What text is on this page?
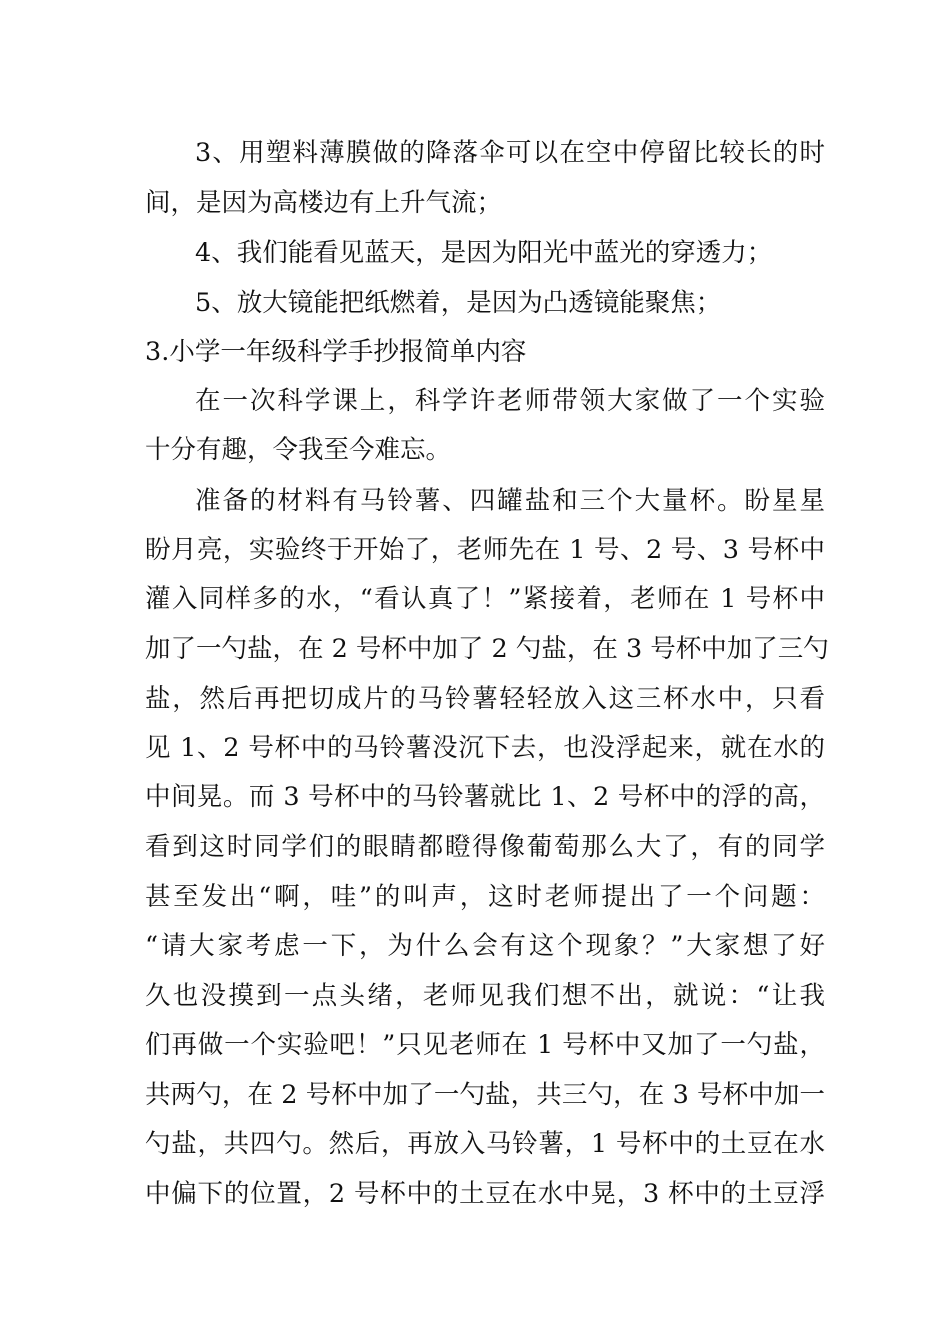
3、用塑料薄膜做的降落伞可以在空中停留比较长的时
间，是因为高楼边有上升气流；
4、我们能看见蓝天，是因为阳光中蓝光的穿透力；
5、放大镜能把纸燃着，是因为凸透镜能聚焦；
3.小学一年级科学手抄报简单内容
在一次科学课上，科学许老师带领大家做了一个实验
十分有趣，令我至今难忘。
准备的材料有马铃薯、四罐盐和三个大量杯。盼星星
盼月亮，实验终于开始了，老师先在 1 号、2 号、3 号杯中
灌入同样多的水，“看认真了！”紧接着，老师在 1 号杯中
加了一勺盐，在 2 号杯中加了 2 勺盐，在 3 号杯中加了三勺
盐，然后再把切成片的马铃薯轻轻放入这三杯水中，只看
见 1、2 号杯中的马铃薯没沉下去，也没浮起来，就在水的
中间晃。而 3 号杯中的马铃薯就比 1、2 号杯中的浮的高，
看到这时同学们的眼睛都瞪得像葡萄那么大了，有的同学
甚至发出“啊，哇”的叫声，这时老师提出了一个问题：
“请大家考虑一下，为什么会有这个现象？”大家想了好
久也没摸到一点头绪，老师见我们想不出，就说：“让我
们再做一个实验吧！”只见老师在 1 号杯中又加了一勺盐，
共两勺，在 2 号杯中加了一勺盐，共三勺，在 3 号杯中加一
勺盐，共四勺。然后，再放入马铃薯，1 号杯中的土豆在水
中偏下的位置，2 号杯中的土豆在水中晃，3 杯中的土豆浮
